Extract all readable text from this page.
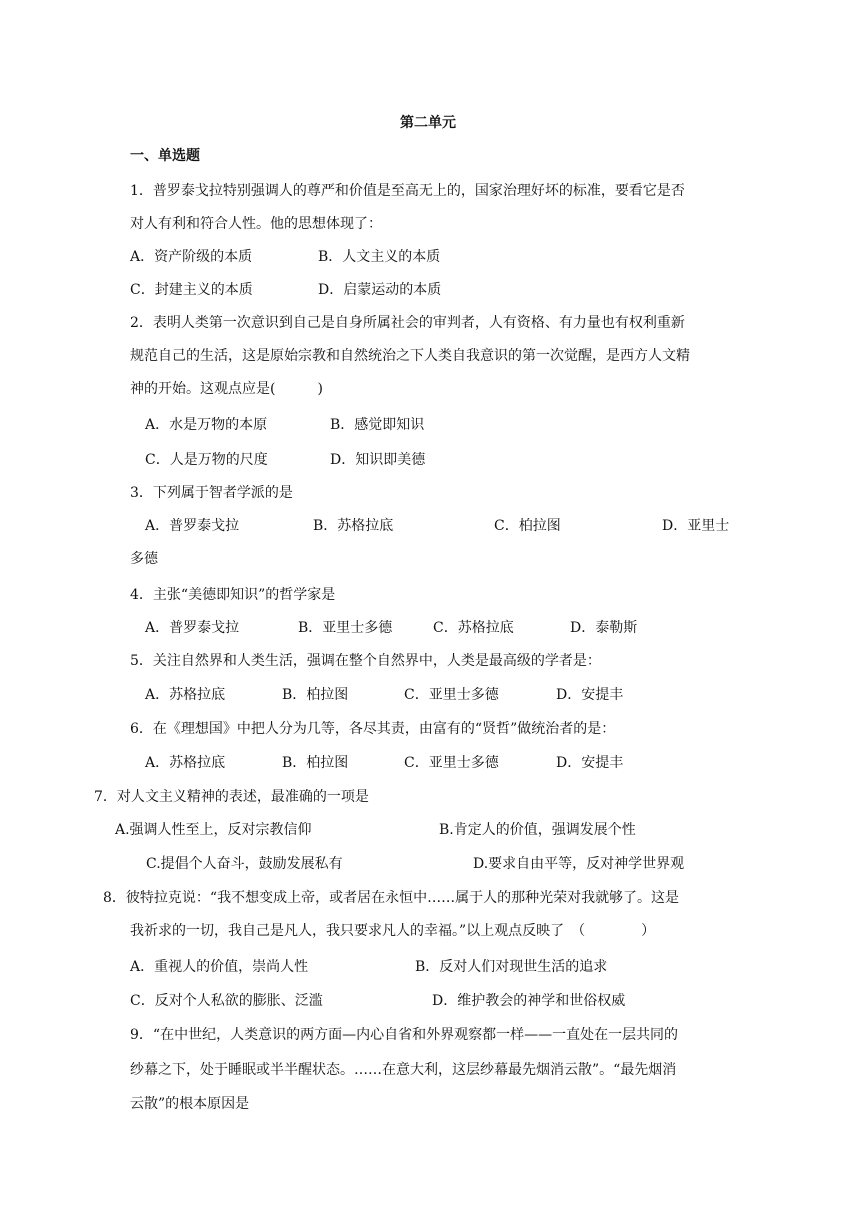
第二单元
一、单选题
1．普罗泰戈拉特别强调人的尊严和价值是至高无上的，国家治理好坏的标准，要看它是否
对人有利和符合人性。他的思想体现了：
A．资产阶级的本质	B．人文主义的本质
C．封建主义的本质	D．启蒙运动的本质
2．表明人类第一次意识到自己是自身所属社会的审判者，人有资格、有力量也有权利重新
规范自己的生活，这是原始宗教和自然统治之下人类自我意识的第一次觉醒，是西方人文精
神的开始。这观点应是(　　　)
A．水是万物的本原	B．感觉即知识
C．人是万物的尺度	D．知识即美德
3．下列属于智者学派的是
A．普罗泰戈拉	B．苏格拉底	C．柏拉图	D．亚里士
多德
4．主张“美德即知识”的哲学家是
A．普罗泰戈拉	B．亚里士多德	C．苏格拉底	D．泰勒斯
5．关注自然界和人类生活，强调在整个自然界中，人类是最高级的学者是：
A．苏格拉底	B．柏拉图	C．亚里士多德	D．安提丰
6．在《理想国》中把人分为几等，各尽其责，由富有的“贤哲”做统治者的是：
A．苏格拉底	B．柏拉图	C．亚里士多德	D．安提丰
7．对人文主义精神的表述，最准确的一项是
A.强调人性至上，反对宗教信仰	B.肯定人的价值，强调发展个性
C.提倡个人奋斗，鼓励发展私有	D.要求自由平等，反对神学世界观
8．彼特拉克说：“我不想变成上帝，或者居在永恒中……属于人的那种光荣对我就够了。这是
我祈求的一切，我自己是凡人，我只要求凡人的幸福。”以上观点反映了　（　　　　）
A．重视人的价值，崇尚人性	B．反对人们对现世生活的追求
C．反对个人私欲的膨胀、泛滥	D．维护教会的神学和世俗权威
9．“在中世纪，人类意识的两方面—内心自省和外界观察都一样——一直处在一层共同的
纱幕之下，处于睡眠或半半醒状态。……在意大利，这层纱幕最先烟消云散”。“最先烟消
云散”的根本原因是
